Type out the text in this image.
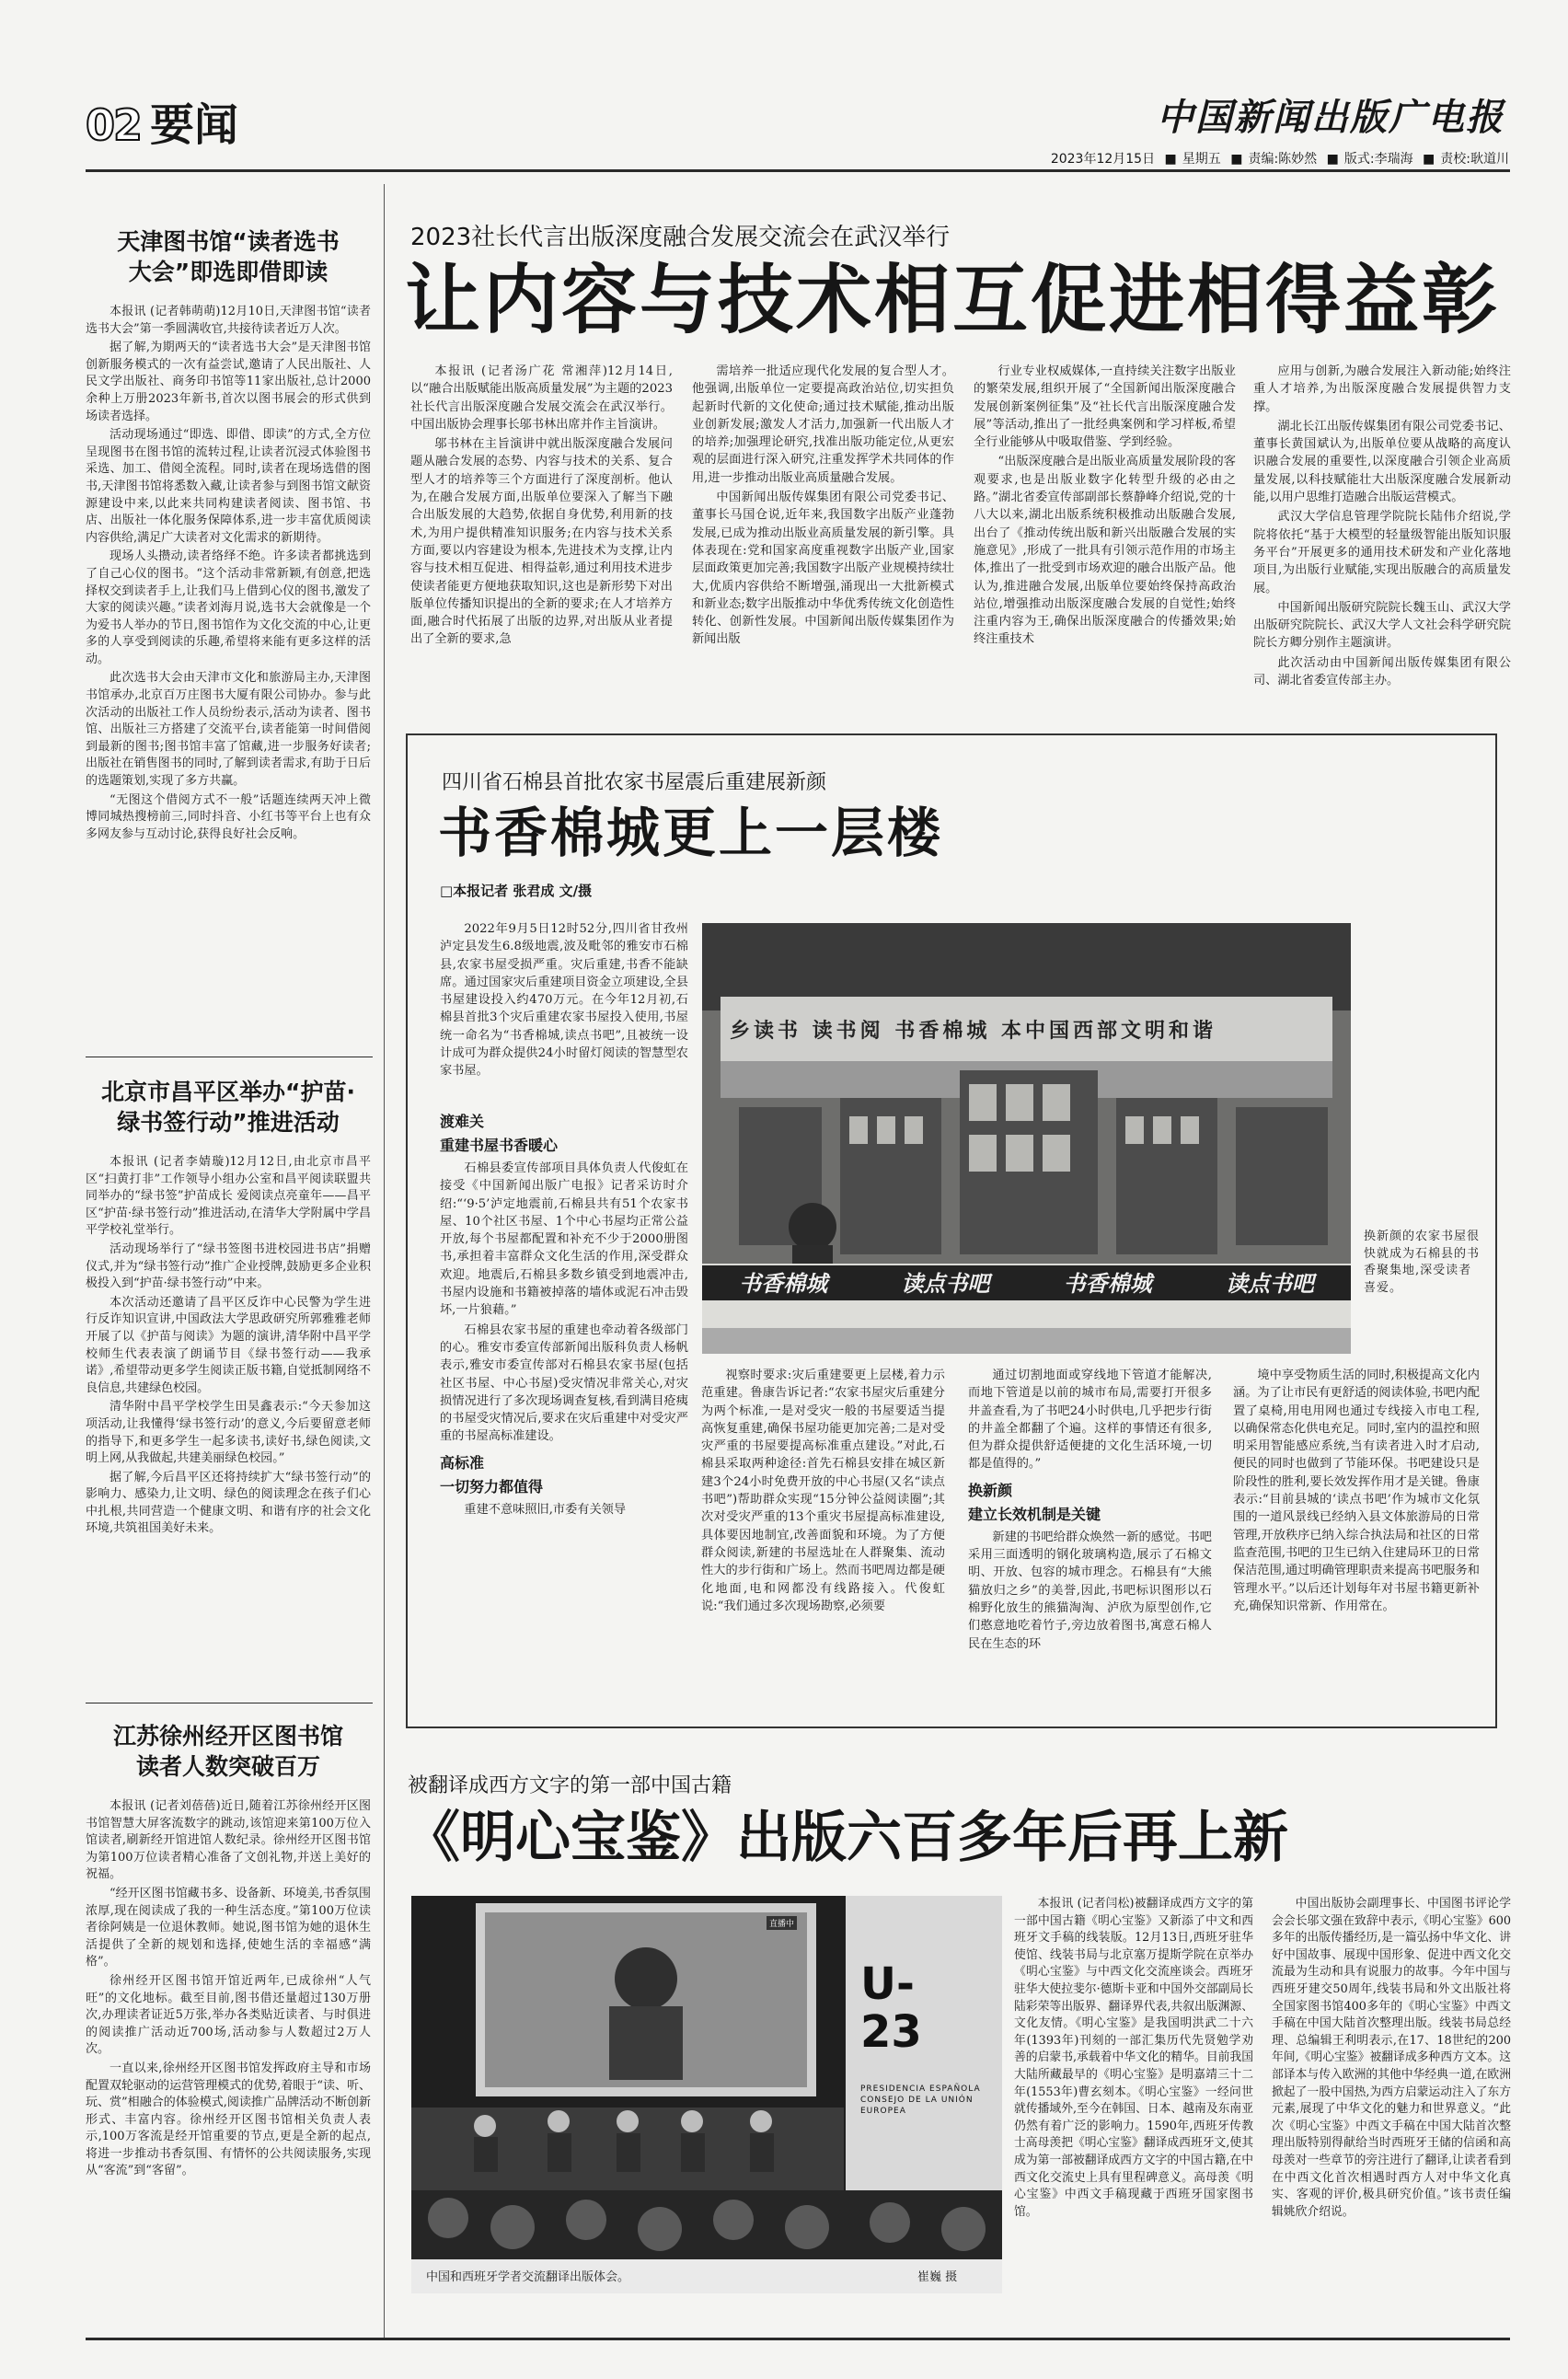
02 要闻	中国新闻出版广电报
2023年12月15日 ■ 星期五 ■ 责编:陈妙然 ■ 版式:李瑞海 ■ 责校:耿道川
天津图书馆“读者选书
大会”即选即借即读

本报讯 (记者韩萌萌)12月10日,天津图书馆“读者选书大会”第一季圆满收官,共接待读者近万人次。

据了解,为期两天的“读者选书大会”是天津图书馆创新服务模式的一次有益尝试,邀请了人民出版社、人民文学出版社、商务印书馆等11家出版社,总计2000余种上万册2023年新书,首次以图书展会的形式供到场读者选择。

活动现场通过“即选、即借、即读”的方式,全方位呈现图书在图书馆的流转过程,让读者沉浸式体验图书采选、加工、借阅全流程。同时,读者在现场选借的图书,天津图书馆将悉数入藏,让读者参与到图书馆文献资源建设中来,以此来共同构建读者阅读、图书馆、书店、出版社一体化服务保障体系,进一步丰富优质阅读内容供给,满足广大读者对文化需求的新期待。

现场人头攒动,读者络绎不绝。许多读者都挑选到了自己心仪的图书。“这个活动非常新颖,有创意,把选择权交到读者手上,让我们马上借到心仪的图书,激发了大家的阅读兴趣。”读者刘海月说,选书大会就像是一个为爱书人举办的节日,图书馆作为文化交流的中心,让更多的人享受到阅读的乐趣,希望将来能有更多这样的活动。

此次选书大会由天津市文化和旅游局主办,天津图书馆承办,北京百万庄图书大厦有限公司协办。参与此次活动的出版社工作人员纷纷表示,活动为读者、图书馆、出版社三方搭建了交流平台,读者能第一时间借阅到最新的图书;图书馆丰富了馆藏,进一步服务好读者;出版社在销售图书的同时,了解到读者需求,有助于日后的选题策划,实现了多方共赢。

“无图这个借阅方式不一般”话题连续两天冲上微博同城热搜榜前三,同时抖音、小红书等平台上也有众多网友参与互动讨论,获得良好社会反响。

北京市昌平区举办“护苗·
绿书签行动”推进活动

本报讯 (记者李婧璇)12月12日,由北京市昌平区“扫黄打非”工作领导小组办公室和昌平阅读联盟共同举办的“绿书签”护苗成长 爱阅读点亮童年——昌平区“护苗·绿书签行动”推进活动,在清华大学附属中学昌平学校礼堂举行。

活动现场举行了“绿书签图书进校园进书店”捐赠仪式,并为“绿书签行动”推广企业授牌,鼓励更多企业积极投入到“护苗·绿书签行动”中来。

本次活动还邀请了昌平区反诈中心民警为学生进行反诈知识宣讲,中国政法大学思政研究所郭雅雅老师开展了以《护苗与阅读》为题的演讲,清华附中昌平学校师生代表表演了朗诵节目《绿书签行动——我承诺》,希望带动更多学生阅读正版书籍,自觉抵制网络不良信息,共建绿色校园。

清华附中昌平学校学生田昊鑫表示:“今天参加这项活动,让我懂得‘绿书签行动’的意义,今后要留意老师的指导下,和更多学生一起多读书,读好书,绿色阅读,文明上网,从我做起,共建美丽绿色校园。”

据了解,今后昌平区还将持续扩大“绿书签行动”的影响力、感染力,让文明、绿色的阅读理念在孩子们心中扎根,共同营造一个健康文明、和谐有序的社会文化环境,共筑祖国美好未来。

江苏徐州经开区图书馆
读者人数突破百万

本报讯 (记者刘蓓蓓)近日,随着江苏徐州经开区图书馆智慧大屏客流数字的跳动,该馆迎来第100万位入馆读者,刷新经开馆进馆人数纪录。徐州经开区图书馆为第100万位读者精心准备了文创礼物,并送上美好的祝福。

“经开区图书馆藏书多、设备新、环境美,书香氛围浓厚,现在阅读成了我的一种生活态度。”第100万位读者徐阿姨是一位退休教师。她说,图书馆为她的退休生活提供了全新的规划和选择,使她生活的幸福感“满格”。

徐州经开区图书馆开馆近两年,已成徐州“人气旺”的文化地标。截至目前,图书借还量超过130万册次,办理读者证近5万张,举办各类贴近读者、与时俱进的阅读推广活动近700场,活动参与人数超过2万人次。

一直以来,徐州经开区图书馆发挥政府主导和市场配置双轮驱动的运营管理模式的优势,着眼于“读、听、玩、赏”相融合的体验模式,阅读推广品牌活动不断创新形式、丰富内容。徐州经开区图书馆相关负责人表示,100万客流是经开馆重要的节点,更是全新的起点,将进一步推动书香氛围、有情怀的公共阅读服务,实现从“客流”到“客留”。

2023社长代言出版深度融合发展交流会在武汉举行
让内容与技术相互促进相得益彰

本报讯 (记者汤广花 常湘萍)12月14日,以“融合出版赋能出版高质量发展”为主题的2023社长代言出版深度融合发展交流会在武汉举行。中国出版协会理事长邬书林出席并作主旨演讲。

邬书林在主旨演讲中就出版深度融合发展问题从融合发展的态势、内容与技术的关系、复合型人才的培养等三个方面进行了深度剖析。他认为,在融合发展方面,出版单位要深入了解当下融合出版发展的大趋势,依据自身优势,利用新的技术,为用户提供精准知识服务;在内容与技术关系方面,要以内容建设为根本,先进技术为支撑,让内容与技术相互促进、相得益彰,通过利用技术进步使读者能更方便地获取知识,这也是新形势下对出版单位传播知识提出的全新的要求;在人才培养方面,融合时代拓展了出版的边界,对出版从业者提出了全新的要求,急

需培养一批适应现代化发展的复合型人才。他强调,出版单位一定要提高政治站位,切实担负起新时代新的文化使命;通过技术赋能,推动出版业创新发展;激发人才活力,加强新一代出版人才的培养;加强理论研究,找准出版功能定位,从更宏观的层面进行深入研究,注重发挥学术共同体的作用,进一步推动出版业高质量融合发展。

中国新闻出版传媒集团有限公司党委书记、董事长马国仓说,近年来,我国数字出版产业蓬勃发展,已成为推动出版业高质量发展的新引擎。具体表现在:党和国家高度重视数字出版产业,国家层面政策更加完善;我国数字出版产业规模持续壮大,优质内容供给不断增强,涌现出一大批新模式和新业态;数字出版推动中华优秀传统文化创造性转化、创新性发展。中国新闻出版传媒集团作为新闻出版

行业专业权威媒体,一直持续关注数字出版业的繁荣发展,组织开展了“全国新闻出版深度融合发展创新案例征集”及“社长代言出版深度融合发展”等活动,推出了一批经典案例和学习样板,希望全行业能够从中吸取借鉴、学到经验。

“出版深度融合是出版业高质量发展阶段的客观要求,也是出版业数字化转型升级的必由之路。”湖北省委宣传部副部长蔡静峰介绍说,党的十八大以来,湖北出版系统积极推动出版融合发展,出台了《推动传统出版和新兴出版融合发展的实施意见》,形成了一批具有引领示范作用的市场主体,推出了一批受到市场欢迎的融合出版产品。他认为,推进融合发展,出版单位要始终保持高政治站位,增强推动出版深度融合发展的自觉性;始终注重内容为王,确保出版深度融合的传播效果;始终注重技术

应用与创新,为融合发展注入新动能;始终注重人才培养,为出版深度融合发展提供智力支撑。

湖北长江出版传媒集团有限公司党委书记、董事长黄国斌认为,出版单位要从战略的高度认识融合发展的重要性,以深度融合引领企业高质量发展,以科技赋能壮大出版深度融合发展新动能,以用户思维打造融合出版运营模式。

武汉大学信息管理学院院长陆伟介绍说,学院将依托“基于大模型的轻量级智能出版知识服务平台”开展更多的通用技术研发和产业化落地项目,为出版行业赋能,实现出版融合的高质量发展。

中国新闻出版研究院院长魏玉山、武汉大学出版研究院院长、武汉大学人文社会科学研究院院长方卿分别作主题演讲。

此次活动由中国新闻出版传媒集团有限公司、湖北省委宣传部主办。

四川省石棉县首批农家书屋震后重建展新颜
书香棉城更上一层楼
□本报记者 张君成 文/摄

2022年9月5日12时52分,四川省甘孜州泸定县发生6.8级地震,波及毗邻的雅安市石棉县,农家书屋受损严重。灾后重建,书香不能缺席。通过国家灾后重建项目资金立项建设,全县书屋建设投入约470万元。在今年12月初,石棉县首批3个灾后重建农家书屋投入使用,书屋统一命名为“书香棉城,读点书吧”,且被统一设计成可为群众提供24小时留灯阅读的智慧型农家书屋。

渡难关
重建书屋书香暖心

石棉县委宣传部项目具体负责人代俊虹在接受《中国新闻出版广电报》记者采访时介绍:“‘9·5’泸定地震前,石棉县共有51个农家书屋、10个社区书屋、1个中心书屋均正常公益开放,每个书屋都配置和补充不少于2000册图书,承担着丰富群众文化生活的作用,深受群众欢迎。地震后,石棉县多数乡镇受到地震冲击,书屋内设施和书籍被掉落的墙体或泥石冲击毁坏,一片狼藉。”

石棉县农家书屋的重建也牵动着各级部门的心。雅安市委宣传部新闻出版科负责人杨帆表示,雅安市委宣传部对石棉县农家书屋(包括社区书屋、中心书屋)受灾情况非常关心,对灾损情况进行了多次现场调查复核,看到满目疮痍的书屋受灾情况后,要求在灾后重建中对受灾严重的书屋高标准建设。

高标准
一切努力都值得

重建不意味照旧,市委有关领导

乡读书 读书阅 书香棉城 本中国西部文明和谐
书香棉城	读点书吧	书香棉城	读点书吧
换新颜的农家书屋很快就成为石棉县的书香聚集地,深受读者喜爱。

视察时要求:灾后重建要更上层楼,着力示范重建。鲁康告诉记者:“农家书屋灾后重建分为两个标准,一是对受灾一般的书屋要适当提高恢复重建,确保书屋功能更加完善;二是对受灾严重的书屋要提高标准重点建设。”对此,石棉县采取两种途径:首先石棉县安排在城区新建3个24小时免费开放的中心书屋(又名“读点书吧”)帮助群众实现“15分钟公益阅读圈”;其次对受灾严重的13个重灾书屋提高标准建设,具体要因地制宜,改善面貌和环境。为了方便群众阅读,新建的书屋选址在人群聚集、流动性大的步行街和广场上。然而书吧周边都是硬化地面,电和网都没有线路接入。代俊虹说:“我们通过多次现场勘察,必须要

通过切割地面或穿线地下管道才能解决,而地下管道是以前的城市布局,需要打开很多井盖查看,为了书吧24小时供电,几乎把步行街的井盖全都翻了个遍。这样的事情还有很多,但为群众提供舒适便捷的文化生活环境,一切都是值得的。”

换新颜
建立长效机制是关键

新建的书吧给群众焕然一新的感觉。书吧采用三面透明的钢化玻璃构造,展示了石棉文明、开放、包容的城市理念。石棉县有“大熊猫放归之乡”的美誉,因此,书吧标识图形以石棉野化放生的熊猫淘淘、泸欣为原型创作,它们憨意地吃着竹子,旁边放着图书,寓意石棉人民在生态的环

境中享受物质生活的同时,积极提高文化内涵。为了让市民有更舒适的阅读体验,书吧内配置了桌椅,用电用网也通过专线接入市电工程,以确保常态化供电充足。同时,室内的温控和照明采用智能感应系统,当有读者进入时才启动,便民的同时也做到了节能环保。书吧建设只是阶段性的胜利,要长效发挥作用才是关键。鲁康表示:“目前县城的‘读点书吧’作为城市文化氛围的一道风景线已经纳入县文体旅游局的日常管理,开放秩序已纳入综合执法局和社区的日常监查范围,书吧的卫生已纳入住建局环卫的日常保洁范围,通过明确管理职责来提高书吧服务和管理水平。”以后还计划每年对书屋书籍更新补充,确保知识常新、作用常在。

被翻译成西方文字的第一部中国古籍
《明心宝鉴》出版六百多年后再上新
直播中
U-
23
PRESIDENCIA ESPAÑOLA CONSEJO DE LA UNIÓN EUROPEA
中国和西班牙学者交流翻译出版体会。	崔巍 摄

本报讯 (记者闫松)被翻译成西方文字的第一部中国古籍《明心宝鉴》又新添了中文和西班牙文手稿的线装版。12月13日,西班牙驻华使馆、线装书局与北京塞万提斯学院在京举办《明心宝鉴》与中西文化交流座谈会。西班牙驻华大使拉斐尔·德斯卡亚和中国外交部副局长陆彩荣等出版界、翻译界代表,共叙出版渊源、文化友情。《明心宝鉴》是我国明洪武二十六年(1393年)刊刻的一部汇集历代先贤勉学劝善的启蒙书,承载着中华文化的精华。目前我国大陆所藏最早的《明心宝鉴》是明嘉靖三十二年(1553年)曹玄刻本。《明心宝鉴》一经问世就传播域外,至今在韩国、日本、越南及东南亚仍然有着广泛的影响力。1590年,西班牙传教士高母羡把《明心宝鉴》翻译成西班牙文,使其成为第一部被翻译成西方文字的中国古籍,在中西文化交流史上具有里程碑意义。高母羡《明心宝鉴》中西文手稿现藏于西班牙国家图书馆。

中国出版协会副理事长、中国图书评论学会会长邬文强在致辞中表示,《明心宝鉴》600多年的出版传播经历,是一篇弘扬中华文化、讲好中国故事、展现中国形象、促进中西文化交流最为生动和具有说服力的故事。今年中国与西班牙建交50周年,线装书局和外文出版社将全国家图书馆400多年的《明心宝鉴》中西文手稿在中国大陆首次整理出版。线装书局总经理、总编辑王利明表示,在17、18世纪的200年间,《明心宝鉴》被翻译成多种西方文本。这部译本与传入欧洲的其他中华经典一道,在欧洲掀起了一股中国热,为西方启蒙运动注入了东方元素,展现了中华文化的魅力和世界意义。“此次《明心宝鉴》中西文手稿在中国大陆首次整理出版特别得献给当时西班牙王储的信函和高母羡对一些章节的旁注进行了翻译,让读者看到在中西文化首次相遇时西方人对中华文化真实、客观的评价,极具研究价值。”该书责任编辑姚欣介绍说。
